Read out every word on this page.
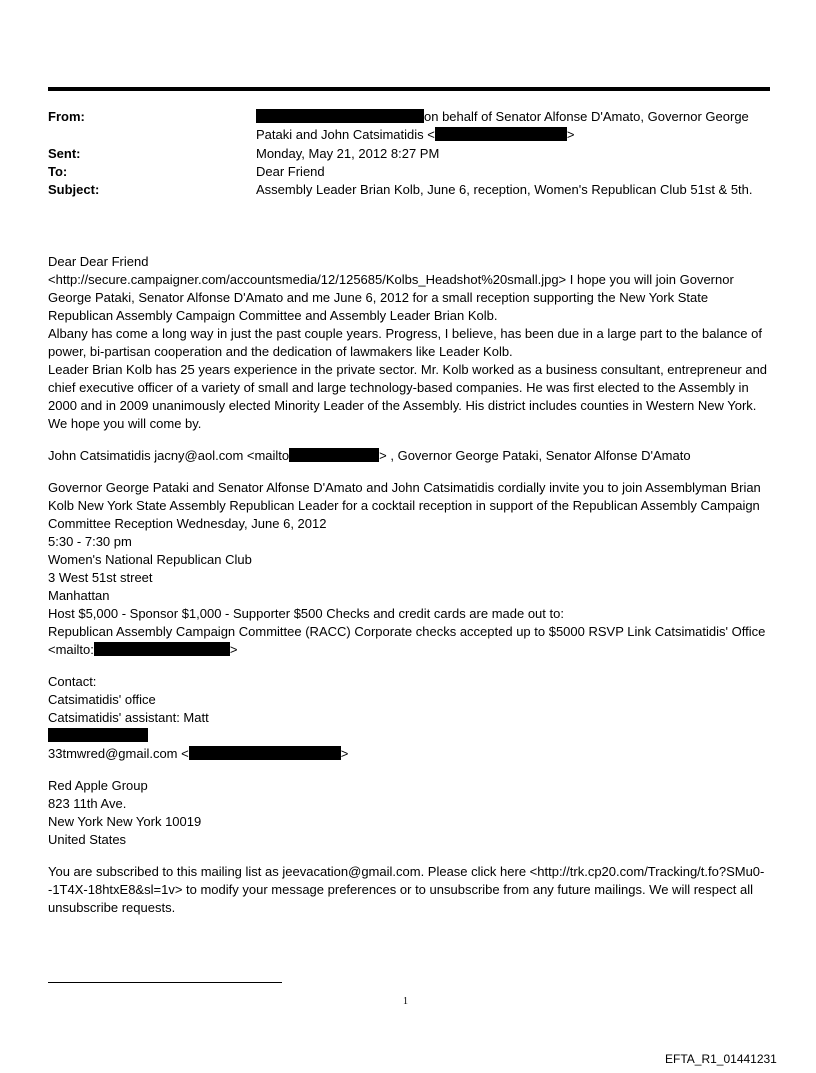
From:	on behalf of Senator Alfonse D'Amato, Governor George
Pataki and John Catsimatidis <	>
Sent:	Monday, May 21, 2012 8:27 PM
To:	Dear Friend
Subject:	Assembly Leader Brian Kolb, June 6, reception, Women's Republican Club 51st & 5th.

Dear Dear Friend

<http://secure.campaigner.com/accountsmedia/12/125685/Kolbs_Headshot%20small.jpg> I hope you will join Governor George Pataki, Senator Alfonse D'Amato and me June 6, 2012 for a small reception supporting the New York State Republican Assembly Campaign Committee and Assembly Leader Brian Kolb.

Albany has come a long way in just the past couple years. Progress, I believe, has been due in a large part to the balance of power, bi-partisan cooperation and the dedication of lawmakers like Leader Kolb.

Leader Brian Kolb has 25 years experience in the private sector. Mr. Kolb worked as a business consultant, entrepreneur and chief executive officer of a variety of small and large technology-based companies. He was first elected to the Assembly in 2000 and in 2009 unanimously elected Minority Leader of the Assembly. His district includes counties in Western New York.

We hope you will come by.

John Catsimatidis jacny@aol.com <mailto	> , Governor George Pataki, Senator Alfonse D'Amato

Governor George Pataki and Senator Alfonse D'Amato and John Catsimatidis cordially invite you to join Assemblyman Brian Kolb New York State Assembly Republican Leader for a cocktail reception in support of the Republican Assembly Campaign Committee Reception Wednesday, June 6, 2012

5:30 - 7:30 pm

Women's National Republican Club

3 West 51st street

Manhattan

Host $5,000 - Sponsor $1,000 - Supporter $500 Checks and credit cards are made out to:

Republican Assembly Campaign Committee (RACC) Corporate checks accepted up to $5000 RSVP Link Catsimatidis' Office <mailto:	>

Contact:

Catsimatidis' office

Catsimatidis' assistant: Matt

33tmwred@gmail.com <	>

Red Apple Group

823 11th Ave.

New York New York 10019

United States

You are subscribed to this mailing list as jeevacation@gmail.com. Please click here <http://trk.cp20.com/Tracking/t.fo?SMu0--1T4X-18htxE8&sl=1v> to modify your message preferences or to unsubscribe from any future mailings. We will respect all unsubscribe requests.

1
EFTA_R1_01441231
